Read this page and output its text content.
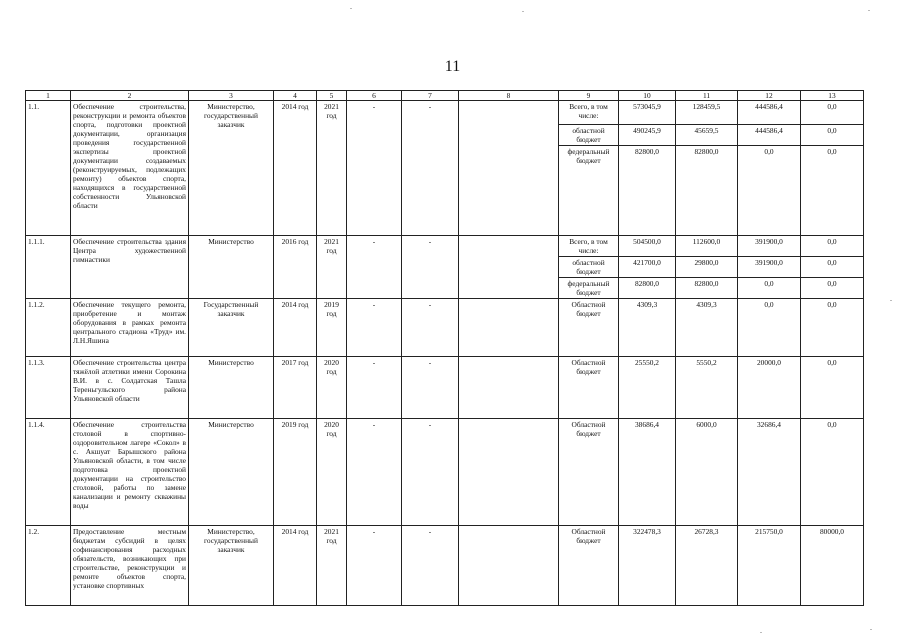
11
1	2	3	4	5	6	7	8	9	10	11	12	13
1.1.	Обеспечение строительства, реконструкции и ремонта объектов спорта, подготовки проектной документации, организация проведения государственной экспертизы проектной документации создаваемых (реконструируемых, подлежащих ремонту) объектов спорта, находящихся в государственной собственности Ульяновской области	Министерство, государственный заказчик	2014 год	2021 год	-	-		Всего, в том числе:	573045,9	128459,5	444586,4	0,0
								областной бюджет	490245,9	45659,5	444586,4	0,0
								федеральный бюджет	82800,0	82800,0	0,0	0,0
1.1.1.	Обеспечение строительства здания Центра художественной гимнастики	Министерство	2016 год	2021 год	-	-		Всего, в том числе:	504500,0	112600,0	391900,0	0,0
								областной бюджет	421700,0	29800,0	391900,0	0,0
								федеральный бюджет	82800,0	82800,0	0,0	0,0
1.1.2.	Обеспечение текущего ремонта, приобретение и монтаж оборудования в рамках ремонта центрального стадиона «Труд» им. Л.Н.Яшина	Государственный заказчик	2014 год	2019 год	-	-		Областной бюджет	4309,3	4309,3	0,0	0,0
1.1.3.	Обеспечение строительства центра тяжёлой атлетики имени Сорокина В.И. в с. Солдатская Ташла Тереньгульского района Ульяновской области	Министерство	2017 год	2020 год	-	-		Областной бюджет	25550,2	5550,2	20000,0	0,0
1.1.4.	Обеспечение строительства столовой в спортивно-оздоровительном лагере «Сокол» в с. Акшуат Барышского района Ульяновской области, в том числе подготовка проектной документации на строительство столовой, работы по замене канализации и ремонту скважины воды	Министерство	2019 год	2020 год	-	-		Областной бюджет	38686,4	6000,0	32686,4	0,0
1.2.	Предоставление местным бюджетам субсидий в целях софинансирования расходных обязательств, возникающих при строительстве, реконструкции и ремонте объектов спорта, установке спортивных	Министерство, государственный заказчик	2014 год	2021 год	-	-		Областной бюджет	322478,3	26728,3	215750,0	80000,0
